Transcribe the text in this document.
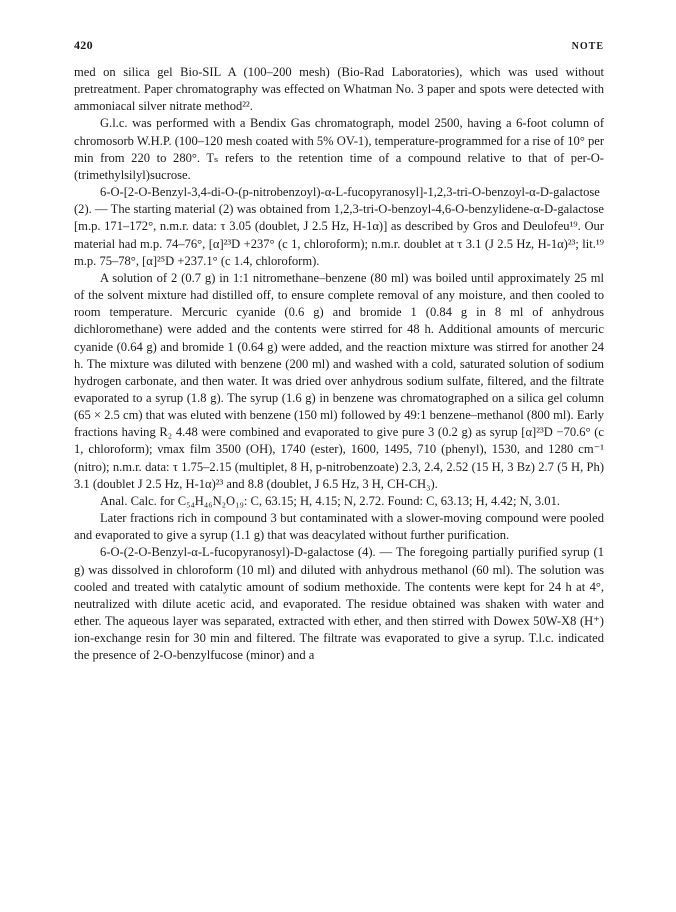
420	NOTE

med on silica gel Bio-SIL A (100–200 mesh) (Bio-Rad Laboratories), which was used without pretreatment. Paper chromatography was effected on Whatman No. 3 paper and spots were detected with ammoniacal silver nitrate method²².

G.l.c. was performed with a Bendix Gas chromatograph, model 2500, having a 6-foot column of chromosorb W.H.P. (100–120 mesh coated with 5% OV-1), temperature-programmed for a rise of 10° per min from 220 to 280°. Tₛ refers to the retention time of a compound relative to that of per-O-(trimethylsilyl)sucrose.

6-O-[2-O-Benzyl-3,4-di-O-(p-nitrobenzoyl)-α-L-fucopyranosyl]-1,2,3-tri-O-benzoyl-α-D-galactose (2). — The starting material (2) was obtained from 1,2,3-tri-O-benzoyl-4,6-O-benzylidene-α-D-galactose [m.p. 171–172°, n.m.r. data: τ 3.05 (doublet, J 2.5 Hz, H-1α)] as described by Gros and Deulofeu¹⁹. Our material had m.p. 74–76°, [α]²³D +237° (c 1, chloroform); n.m.r. doublet at τ 3.1 (J 2.5 Hz, H-1α)²³; lit.¹⁹ m.p. 75–78°, [α]²⁵D +237.1° (c 1.4, chloroform).

A solution of 2 (0.7 g) in 1:1 nitromethane–benzene (80 ml) was boiled until approximately 25 ml of the solvent mixture had distilled off, to ensure complete removal of any moisture, and then cooled to room temperature. Mercuric cyanide (0.6 g) and bromide 1 (0.84 g in 8 ml of anhydrous dichloromethane) were added and the contents were stirred for 48 h. Additional amounts of mercuric cyanide (0.64 g) and bromide 1 (0.64 g) were added, and the reaction mixture was stirred for another 24 h. The mixture was diluted with benzene (200 ml) and washed with a cold, saturated solution of sodium hydrogen carbonate, and then water. It was dried over anhydrous sodium sulfate, filtered, and the filtrate evaporated to a syrup (1.8 g). The syrup (1.6 g) in benzene was chromatographed on a silica gel column (65 × 2.5 cm) that was eluted with benzene (150 ml) followed by 49:1 benzene–methanol (800 ml). Early fractions having R₂ 4.48 were combined and evaporated to give pure 3 (0.2 g) as syrup [α]²³D −70.6° (c 1, chloroform); νmax film 3500 (OH), 1740 (ester), 1600, 1495, 710 (phenyl), 1530, and 1280 cm⁻¹ (nitro); n.m.r. data: τ 1.75–2.15 (multiplet, 8 H, p-nitrobenzoate) 2.3, 2.4, 2.52 (15 H, 3 Bz) 2.7 (5 H, Ph) 3.1 (doublet J 2.5 Hz, H-1α)²³ and 8.8 (doublet, J 6.5 Hz, 3 H, CH-CH₃).

Anal. Calc. for C₅₄H₄₆N₂O₁₉: C, 63.15; H, 4.15; N, 2.72. Found: C, 63.13; H, 4.42; N, 3.01.

Later fractions rich in compound 3 but contaminated with a slower-moving compound were pooled and evaporated to give a syrup (1.1 g) that was deacylated without further purification.

6-O-(2-O-Benzyl-α-L-fucopyranosyl)-D-galactose (4). — The foregoing partially purified syrup (1 g) was dissolved in chloroform (10 ml) and diluted with anhydrous methanol (60 ml). The solution was cooled and treated with catalytic amount of sodium methoxide. The contents were kept for 24 h at 4°, neutralized with dilute acetic acid, and evaporated. The residue obtained was shaken with water and ether. The aqueous layer was separated, extracted with ether, and then stirred with Dowex 50W-X8 (H⁺) ion-exchange resin for 30 min and filtered. The filtrate was evaporated to give a syrup. T.l.c. indicated the presence of 2-O-benzylfucose (minor) and a
